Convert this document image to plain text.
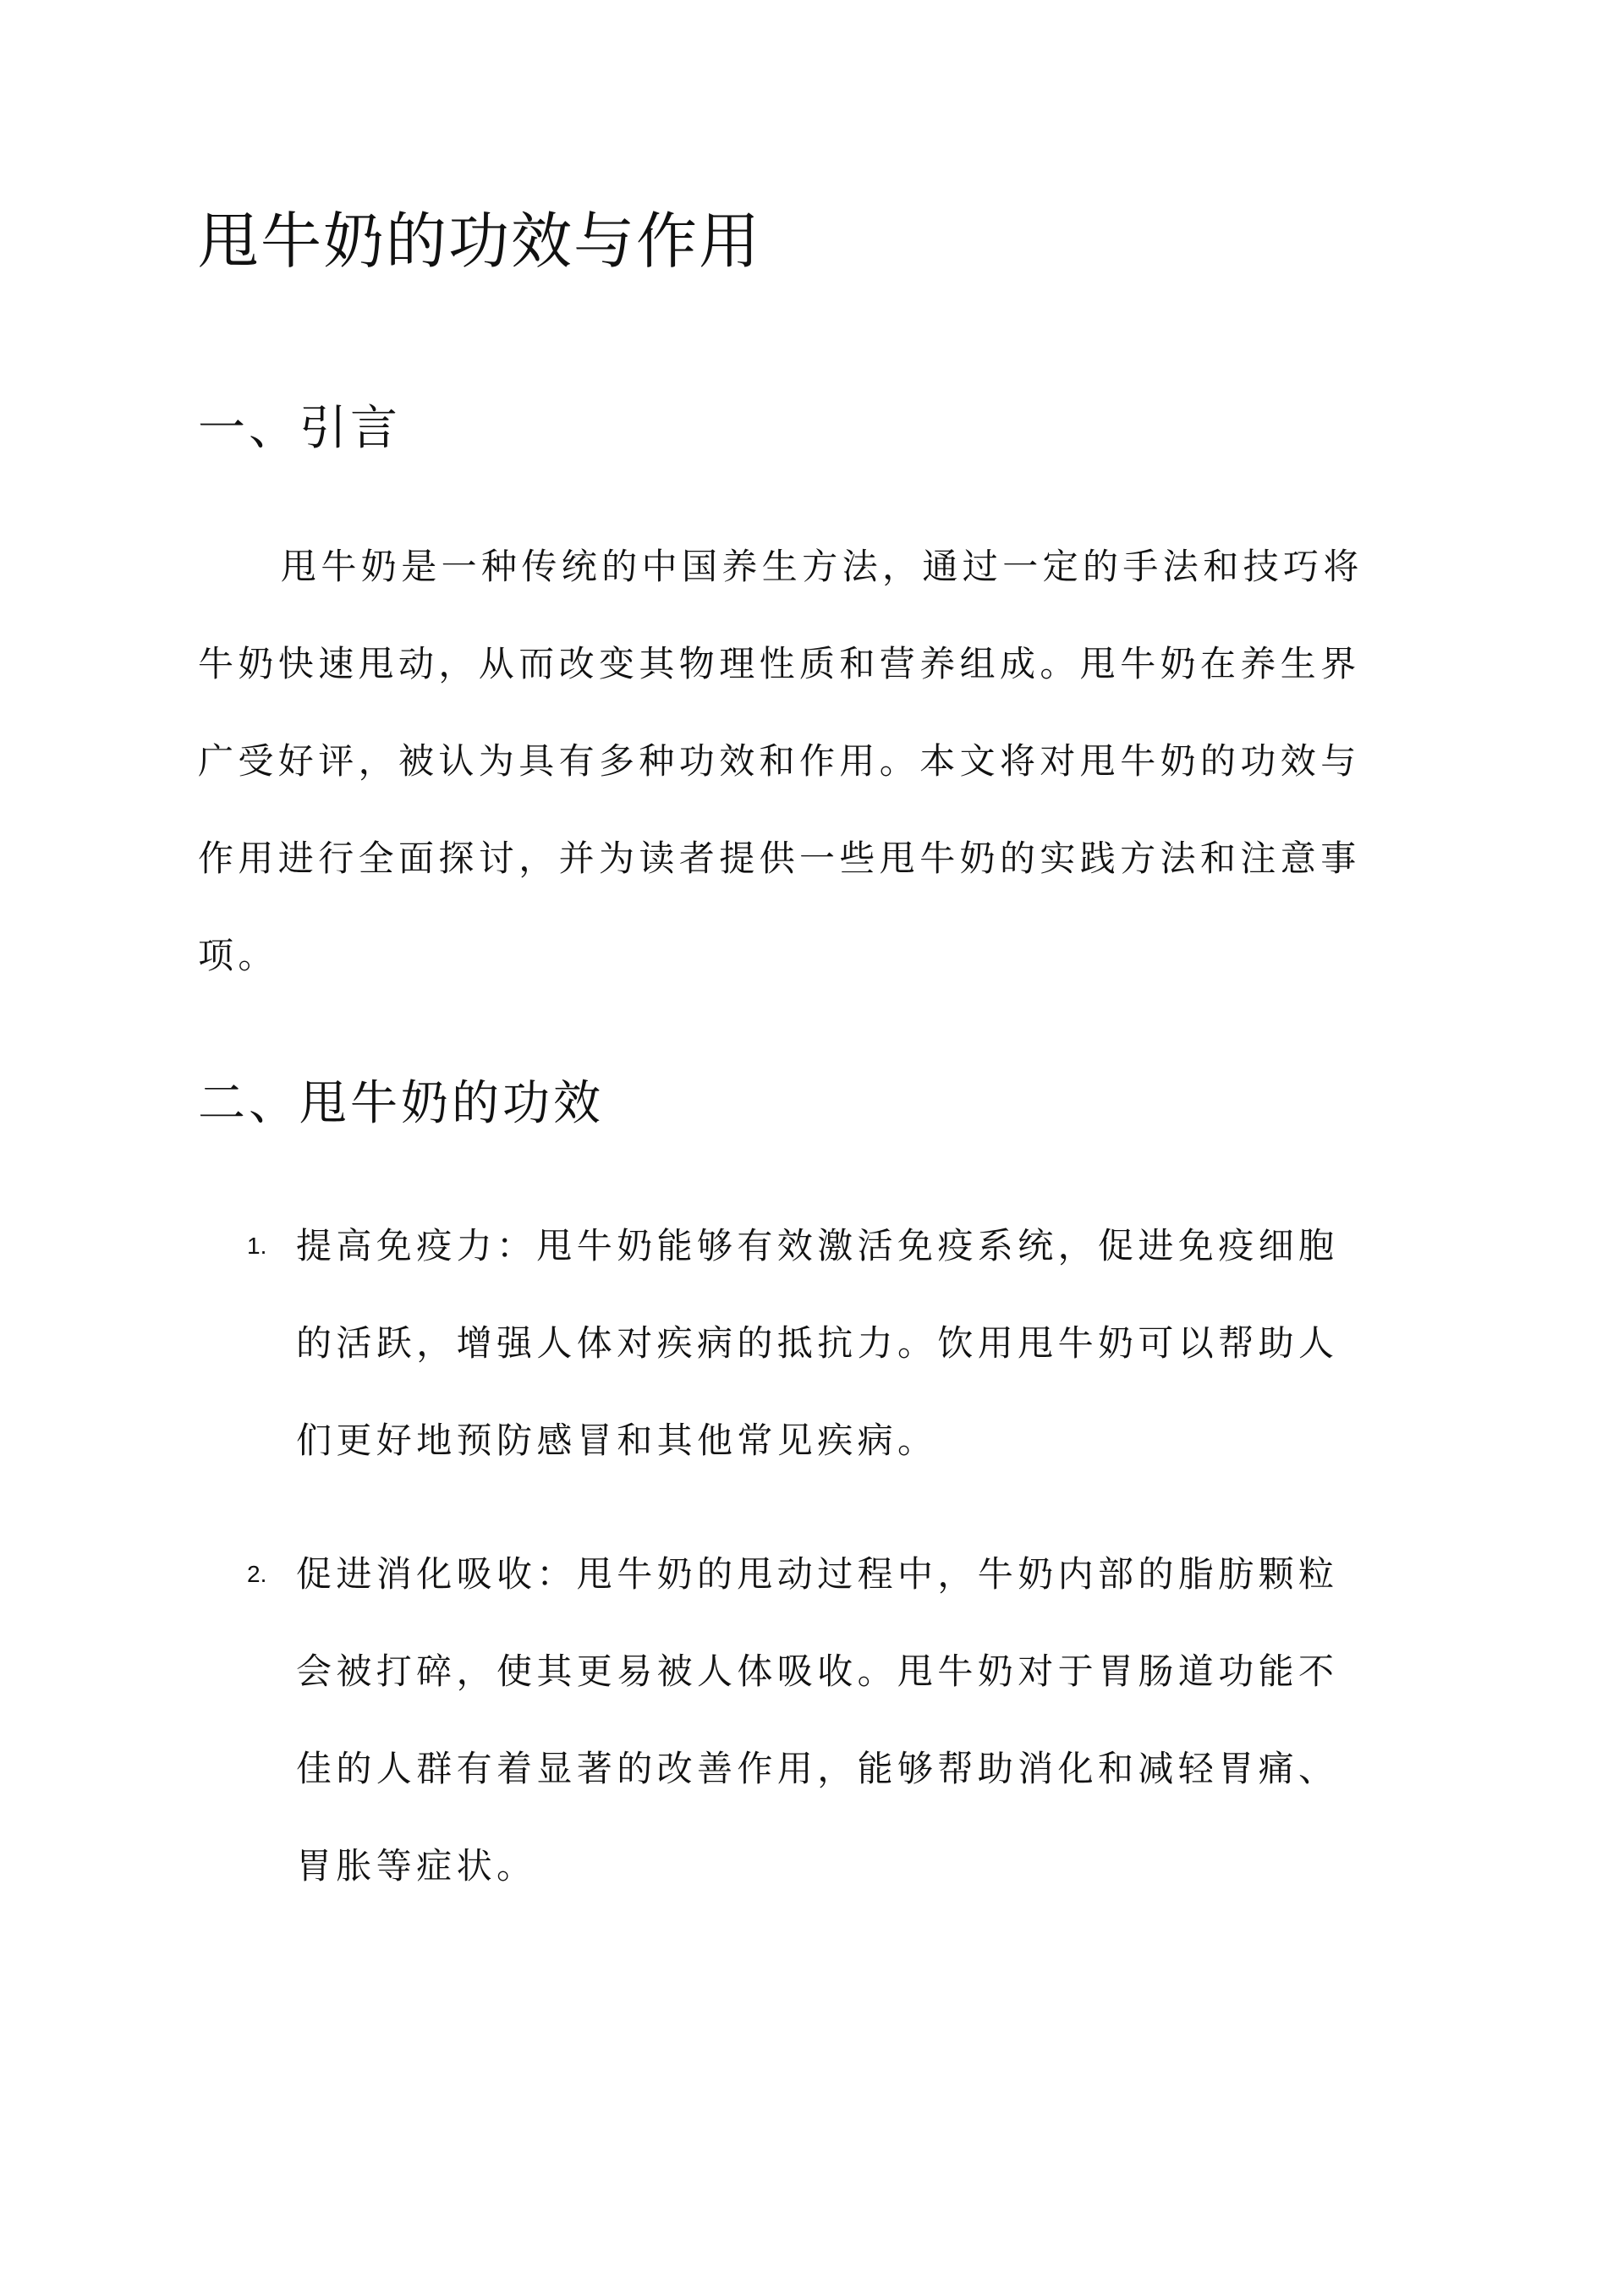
甩牛奶的功效与作用
一、引言

甩牛奶是一种传统的中国养生方法，通过一定的手法和技巧将

牛奶快速甩动，从而改变其物理性质和营养组成。甩牛奶在养生界

广受好评，被认为具有多种功效和作用。本文将对甩牛奶的功效与

作用进行全面探讨，并为读者提供一些甩牛奶的实践方法和注意事

项。

二、甩牛奶的功效
1. 提高免疫力：甩牛奶能够有效激活免疫系统，促进免疫细胞

的活跃，增强人体对疾病的抵抗力。饮用甩牛奶可以帮助人

们更好地预防感冒和其他常见疾病。

2. 促进消化吸收：甩牛奶的甩动过程中，牛奶内部的脂肪颗粒

会被打碎，使其更易被人体吸收。甩牛奶对于胃肠道功能不

佳的人群有着显著的改善作用，能够帮助消化和减轻胃痛、

胃胀等症状。
